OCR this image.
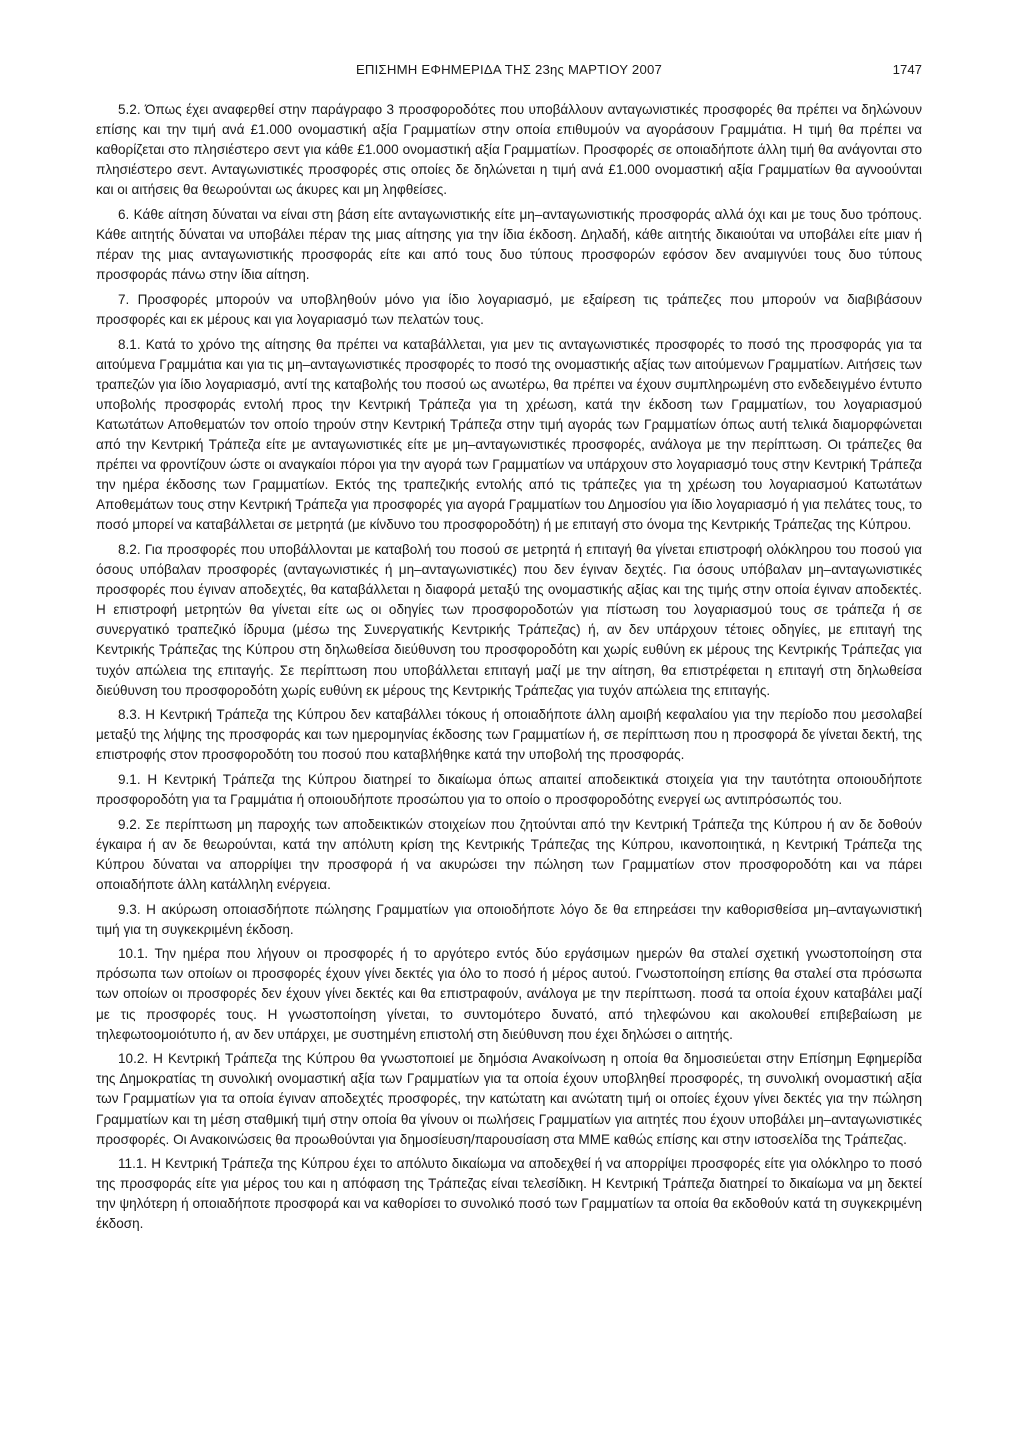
ΕΠΙΣΗΜΗ ΕΦΗΜΕΡΙΔΑ ΤΗΣ 23ης ΜΑΡΤΙΟΥ 2007	1747

5.2. Όπως έχει αναφερθεί στην παράγραφο 3 προσφοροδότες που υποβάλλουν ανταγωνιστικές προσφορές θα πρέπει να δηλώνουν επίσης και την τιμή ανά £1.000 ονομαστική αξία Γραμματίων στην οποία επιθυμούν να αγοράσουν Γραμμάτια. Η τιμή θα πρέπει να καθορίζεται στο πλησιέστερο σεντ για κάθε £1.000 ονομαστική αξία Γραμματίων. Προσφορές σε οποιαδήποτε άλλη τιμή θα ανάγονται στο πλησιέστερο σεντ. Ανταγωνιστικές προσφορές στις οποίες δε δηλώνεται η τιμή ανά £1.000 ονομαστική αξία Γραμματίων θα αγνοούνται και οι αιτήσεις θα θεωρούνται ως άκυρες και μη ληφθείσες.

6. Κάθε αίτηση δύναται να είναι στη βάση είτε ανταγωνιστικής είτε μη–ανταγωνιστικής προσφοράς αλλά όχι και με τους δυο τρόπους. Κάθε αιτητής δύναται να υποβάλει πέραν της μιας αίτησης για την ίδια έκδοση. Δηλαδή, κάθε αιτητής δικαιούται να υποβάλει είτε μιαν ή πέραν της μιας ανταγωνιστικής προσφοράς είτε και από τους δυο τύπους προσφορών εφόσον δεν αναμιγνύει τους δυο τύπους προσφοράς πάνω στην ίδια αίτηση.

7. Προσφορές μπορούν να υποβληθούν μόνο για ίδιο λογαριασμό, με εξαίρεση τις τράπεζες που μπορούν να διαβιβάσουν προσφορές και εκ μέρους και για λογαριασμό των πελατών τους.

8.1. Κατά το χρόνο της αίτησης θα πρέπει να καταβάλλεται, για μεν τις ανταγωνιστικές προσφορές το ποσό της προσφοράς για τα αιτούμενα Γραμμάτια και για τις μη–ανταγωνιστικές προσφορές το ποσό της ονομαστικής αξίας των αιτούμενων Γραμματίων. Αιτήσεις των τραπεζών για ίδιο λογαριασμό, αντί της καταβολής του ποσού ως ανωτέρω, θα πρέπει να έχουν συμπληρωμένη στο ενδεδειγμένο έντυπο υποβολής προσφοράς εντολή προς την Κεντρική Τράπεζα για τη χρέωση, κατά την έκδοση των Γραμματίων, του λογαριασμού Κατωτάτων Αποθεματών τον οποίο τηρούν στην Κεντρική Τράπεζα στην τιμή αγοράς των Γραμματίων όπως αυτή τελικά διαμορφώνεται από την Κεντρική Τράπεζα είτε με ανταγωνιστικές είτε με μη–ανταγωνιστικές προσφορές, ανάλογα με την περίπτωση. Οι τράπεζες θα πρέπει να φροντίζουν ώστε οι αναγκαίοι πόροι για την αγορά των Γραμματίων να υπάρχουν στο λογαριασμό τους στην Κεντρική Τράπεζα την ημέρα έκδοσης των Γραμματίων. Εκτός της τραπεζικής εντολής από τις τράπεζες για τη χρέωση του λογαριασμού Κατωτάτων Αποθεμάτων τους στην Κεντρική Τράπεζα για προσφορές για αγορά Γραμματίων του Δημοσίου για ίδιο λογαριασμό ή για πελάτες τους, το ποσό μπορεί να καταβάλλεται σε μετρητά (με κίνδυνο του προσφοροδότη) ή με επιταγή στο όνομα της Κεντρικής Τράπεζας της Κύπρου.

8.2. Για προσφορές που υποβάλλονται με καταβολή του ποσού σε μετρητά ή επιταγή θα γίνεται επιστροφή ολόκληρου του ποσού για όσους υπόβαλαν προσφορές (ανταγωνιστικές ή μη–ανταγωνιστικές) που δεν έγιναν δεχτές. Για όσους υπόβαλαν μη–ανταγωνιστικές προσφορές που έγιναν αποδεχτές, θα καταβάλλεται η διαφορά μεταξύ της ονομαστικής αξίας και της τιμής στην οποία έγιναν αποδεκτές. Η επιστροφή μετρητών θα γίνεται είτε ως οι οδηγίες των προσφοροδοτών για πίστωση του λογαριασμού τους σε τράπεζα ή σε συνεργατικό τραπεζικό ίδρυμα (μέσω της Συνεργατικής Κεντρικής Τράπεζας) ή, αν δεν υπάρχουν τέτοιες οδηγίες, με επιταγή της Κεντρικής Τράπεζας της Κύπρου στη δηλωθείσα διεύθυνση του προσφοροδότη και χωρίς ευθύνη εκ μέρους της Κεντρικής Τράπεζας για τυχόν απώλεια της επιταγής. Σε περίπτωση που υποβάλλεται επιταγή μαζί με την αίτηση, θα επιστρέφεται η επιταγή στη δηλωθείσα διεύθυνση του προσφοροδότη χωρίς ευθύνη εκ μέρους της Κεντρικής Τράπεζας για τυχόν απώλεια της επιταγής.

8.3. Η Κεντρική Τράπεζα της Κύπρου δεν καταβάλλει τόκους ή οποιαδήποτε άλλη αμοιβή κεφαλαίου για την περίοδο που μεσολαβεί μεταξύ της λήψης της προσφοράς και των ημερομηνίας έκδοσης των Γραμματίων ή, σε περίπτωση που η προσφορά δε γίνεται δεκτή, της επιστροφής στον προσφοροδότη του ποσού που καταβλήθηκε κατά την υποβολή της προσφοράς.

9.1. Η Κεντρική Τράπεζα της Κύπρου διατηρεί το δικαίωμα όπως απαιτεί αποδεικτικά στοιχεία για την ταυτότητα οποιουδήποτε προσφοροδότη για τα Γραμμάτια ή οποιουδήποτε προσώπου για το οποίο ο προσφοροδότης ενεργεί ως αντιπρόσωπός του.

9.2. Σε περίπτωση μη παροχής των αποδεικτικών στοιχείων που ζητούνται από την Κεντρική Τράπεζα της Κύπρου ή αν δε δοθούν έγκαιρα ή αν δε θεωρούνται, κατά την απόλυτη κρίση της Κεντρικής Τράπεζας της Κύπρου, ικανοποιητικά, η Κεντρική Τράπεζα της Κύπρου δύναται να απορρίψει την προσφορά ή να ακυρώσει την πώληση των Γραμματίων στον προσφοροδότη και να πάρει οποιαδήποτε άλλη κατάλληλη ενέργεια.

9.3. Η ακύρωση οποιασδήποτε πώλησης Γραμματίων για οποιοδήποτε λόγο δε θα επηρεάσει την καθορισθείσα μη–ανταγωνιστική τιμή για τη συγκεκριμένη έκδοση.

10.1. Την ημέρα που λήγουν οι προσφορές ή το αργότερο εντός δύο εργάσιμων ημερών θα σταλεί σχετική γνωστοποίηση στα πρόσωπα των οποίων οι προσφορές έχουν γίνει δεκτές για όλο το ποσό ή μέρος αυτού. Γνωστοποίηση επίσης θα σταλεί στα πρόσωπα των οποίων οι προσφορές δεν έχουν γίνει δεκτές και θα επιστραφούν, ανάλογα με την περίπτωση. ποσά τα οποία έχουν καταβάλει μαζί με τις προσφορές τους. Η γνωστοποίηση γίνεται, το συντομότερο δυνατό, από τηλεφώνου και ακολουθεί επιβεβαίωση με τηλεφωτοομοιότυπο ή, αν δεν υπάρχει, με συστημένη επιστολή στη διεύθυνση που έχει δηλώσει ο αιτητής.

10.2. Η Κεντρική Τράπεζα της Κύπρου θα γνωστοποιεί με δημόσια Ανακοίνωση η οποία θα δημοσιεύεται στην Επίσημη Εφημερίδα της Δημοκρατίας τη συνολική ονομαστική αξία των Γραμματίων για τα οποία έχουν υποβληθεί προσφορές, τη συνολική ονομαστική αξία των Γραμματίων για τα οποία έγιναν αποδεχτές προσφορές, την κατώτατη και ανώτατη τιμή οι οποίες έχουν γίνει δεκτές για την πώληση Γραμματίων και τη μέση σταθμική τιμή στην οποία θα γίνουν οι πωλήσεις Γραμματίων για αιτητές που έχουν υποβάλει μη–ανταγωνιστικές προσφορές. Οι Ανακοινώσεις θα προωθούνται για δημοσίευση/παρουσίαση στα ΜΜΕ καθώς επίσης και στην ιστοσελίδα της Τράπεζας.

11.1. Η Κεντρική Τράπεζα της Κύπρου έχει το απόλυτο δικαίωμα να αποδεχθεί ή να απορρίψει προσφορές είτε για ολόκληρο το ποσό της προσφοράς είτε για μέρος του και η απόφαση της Τράπεζας είναι τελεσίδικη. Η Κεντρική Τράπεζα διατηρεί το δικαίωμα να μη δεκτεί την ψηλότερη ή οποιαδήποτε προσφορά και να καθορίσει το συνολικό ποσό των Γραμματίων τα οποία θα εκδοθούν κατά τη συγκεκριμένη έκδοση.
